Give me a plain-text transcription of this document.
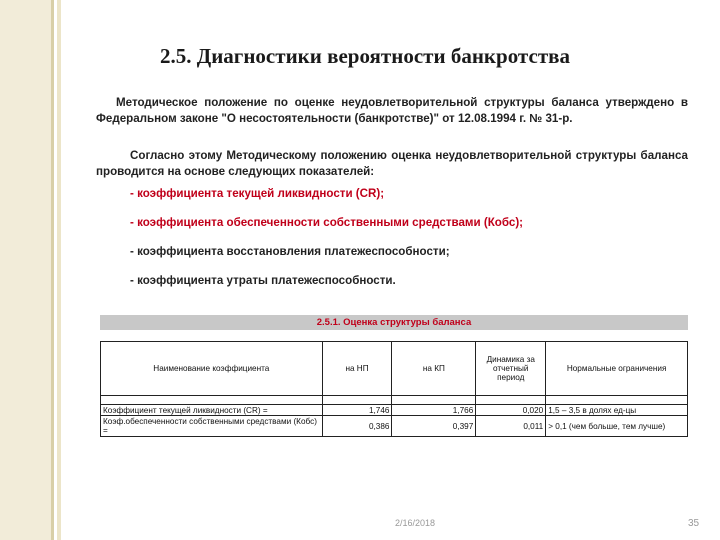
2.5. Диагностики вероятности банкротства
Методическое положение по оценке неудовлетворительной структуры баланса утверждено в Федеральном законе "О несостоятельности (банкротстве)" от 12.08.1994 г. № 31-р.
Согласно этому Методическому положению оценка неудовлетворительной структуры баланса проводится на основе следующих показателей:
- коэффициента текущей ликвидности (CR);
- коэффициента обеспеченности собственными средствами (Кобс);
- коэффициента восстановления платежеспособности;
- коэффициента утраты платежеспособности.
2.5.1. Оценка структуры баланса
Наименование коэффициента	на НП	на КП	Динамика за отчетный период	Нормальные ограничения

Коэффициент текущей ликвидности (CR) =	1,746	1,766	0,020	1,5 – 3,5 в долях ед-цы
Коэф.обеспеченности собственными средствами (Кобс) =	0,386	0,397	0,011	> 0,1 (чем больше, тем лучше)
2/16/2018	35
